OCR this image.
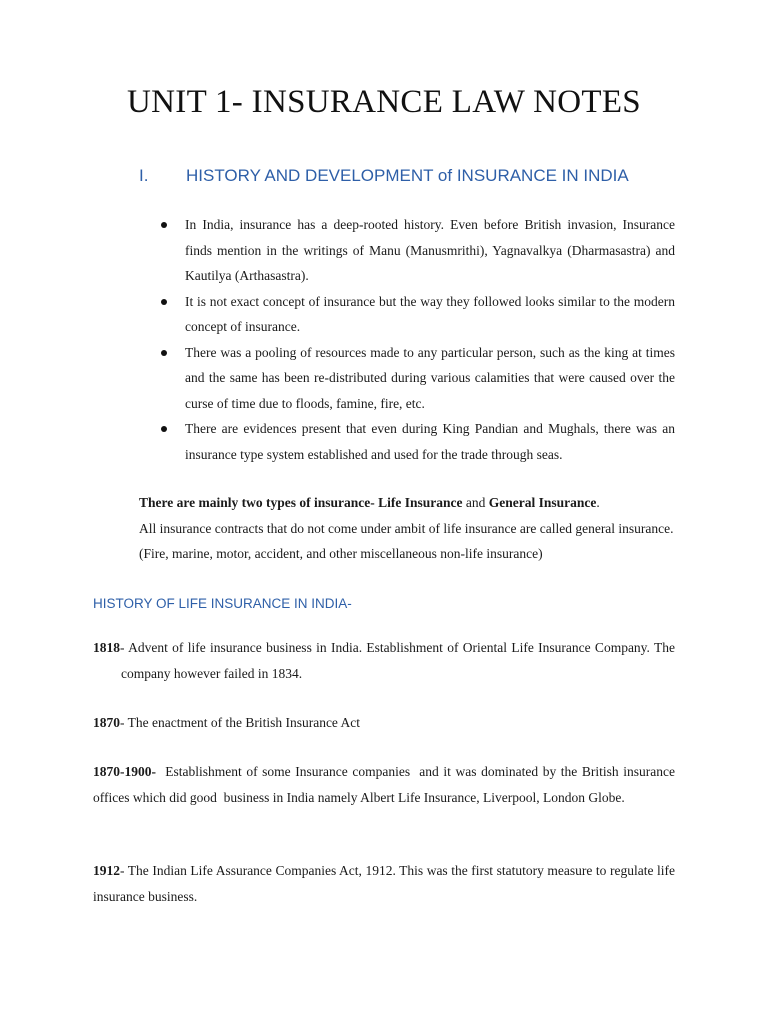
UNIT 1- INSURANCE LAW NOTES
I. HISTORY AND DEVELOPMENT of INSURANCE IN INDIA
In India, insurance has a deep-rooted history. Even before British invasion, Insurance finds mention in the writings of Manu (Manusmrithi), Yagnavalkya (Dharmasastra) and Kautilya (Arthasastra).
It is not exact concept of insurance but the way they followed looks similar to the modern concept of insurance.
There was a pooling of resources made to any particular person, such as the king at times and the same has been re-distributed during various calamities that were caused over the curse of time due to floods, famine, fire, etc.
There are evidences present that even during King Pandian and Mughals, there was an insurance type system established and used for the trade through seas.

There are mainly two types of insurance- Life Insurance and General Insurance.
All insurance contracts that do not come under ambit of life insurance are called general insurance. (Fire, marine, motor, accident, and other miscellaneous non-life insurance)

HISTORY OF LIFE INSURANCE IN INDIA-

1818- Advent of life insurance business in India. Establishment of Oriental Life Insurance Company. The company however failed in 1834.

1870- The enactment of the British Insurance Act

1870-1900-  Establishment of some Insurance companies  and it was dominated by the British insurance offices which did good  business in India namely Albert Life Insurance, Liverpool, London Globe.

1912- The Indian Life Assurance Companies Act, 1912. This was the first statutory measure to regulate life insurance business.
